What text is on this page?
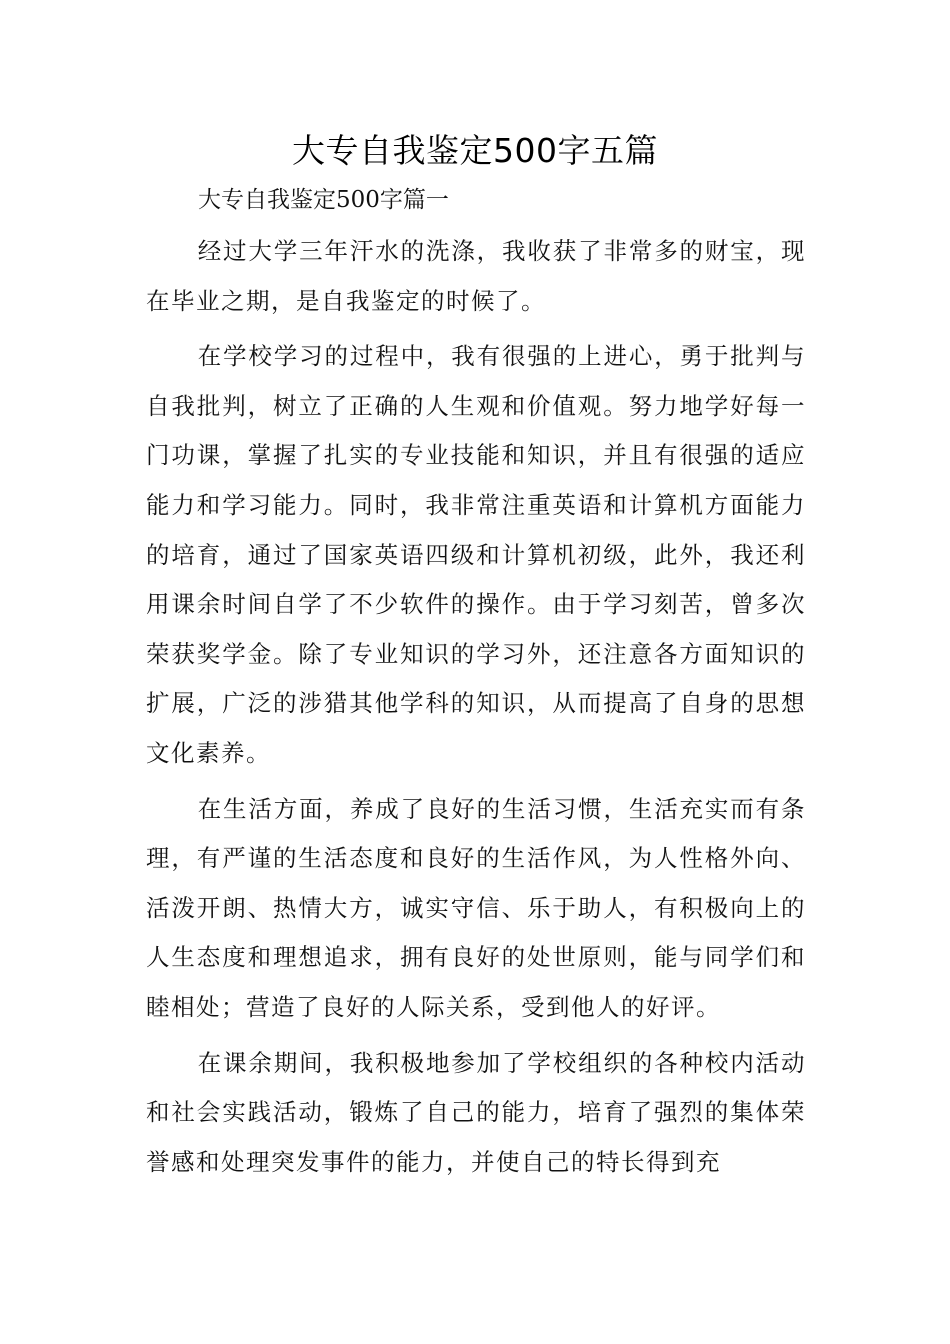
大专自我鉴定500字五篇

大专自我鉴定500字篇一

经过大学三年汗水的洗涤，我收获了非常多的财宝，现在毕业之期，是自我鉴定的时候了。

在学校学习的过程中，我有很强的上进心，勇于批判与自我批判，树立了正确的人生观和价值观。努力地学好每一门功课，掌握了扎实的专业技能和知识，并且有很强的适应能力和学习能力。同时，我非常注重英语和计算机方面能力的培育，通过了国家英语四级和计算机初级，此外，我还利用课余时间自学了不少软件的操作。由于学习刻苦，曾多次荣获奖学金。除了专业知识的学习外，还注意各方面知识的扩展，广泛的涉猎其他学科的知识，从而提高了自身的思想文化素养。

在生活方面，养成了良好的生活习惯，生活充实而有条理，有严谨的生活态度和良好的生活作风，为人性格外向、活泼开朗、热情大方，诚实守信、乐于助人，有积极向上的人生态度和理想追求，拥有良好的处世原则，能与同学们和睦相处；营造了良好的人际关系，受到他人的好评。

在课余期间，我积极地参加了学校组织的各种校内活动和社会实践活动，锻炼了自己的能力，培育了强烈的集体荣誉感和处理突发事件的能力，并使自己的特长得到充
